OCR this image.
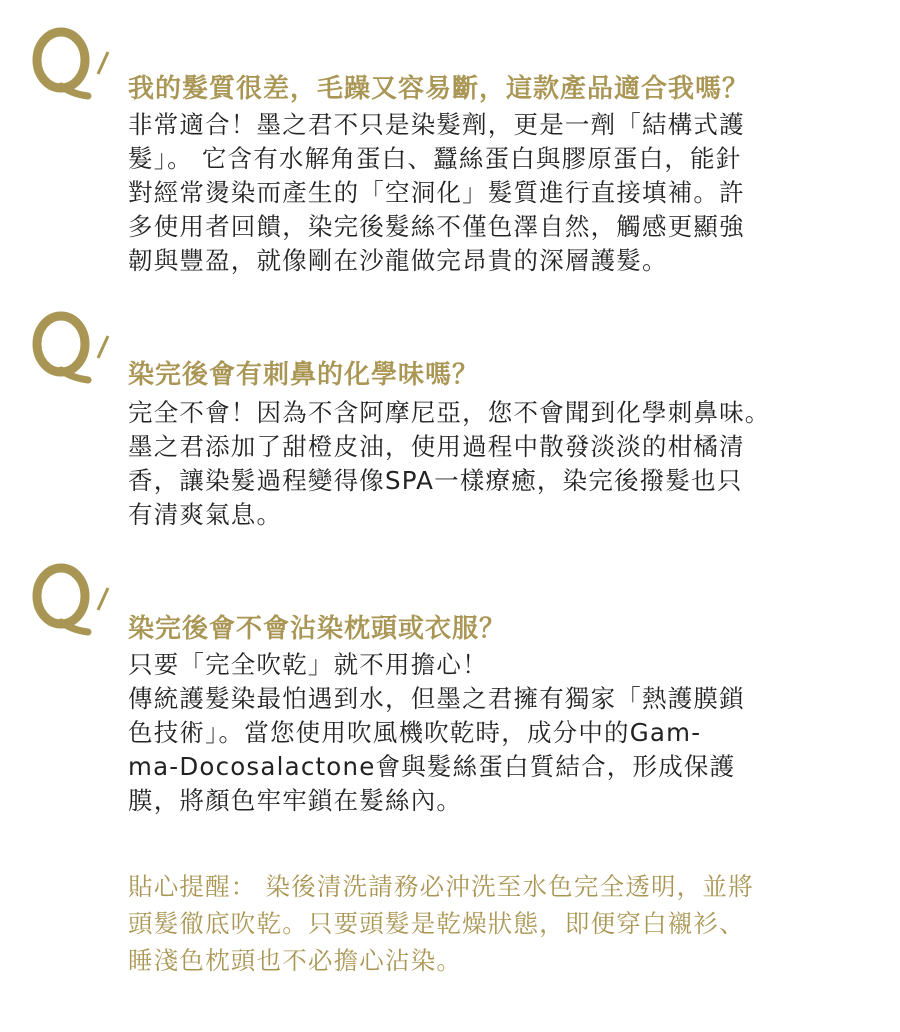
我的髮質很差，毛躁又容易斷，這款產品適合我嗎？
非常適合！墨之君不只是染髮劑，更是一劑「結構式護
髮」。 它含有水解角蛋白、蠶絲蛋白與膠原蛋白，能針
對經常燙染而產生的「空洞化」髮質進行直接填補。許
多使用者回饋，染完後髮絲不僅色澤自然，觸感更顯強
韌與豐盈，就像剛在沙龍做完昂貴的深層護髮。
染完後會有刺鼻的化學味嗎？
完全不會！因為不含阿摩尼亞，您不會聞到化學刺鼻味。
墨之君添加了甜橙皮油，使用過程中散發淡淡的柑橘清
香，讓染髮過程變得像SPA一樣療癒，染完後撥髮也只
有清爽氣息。
染完後會不會沾染枕頭或衣服？
只要「完全吹乾」就不用擔心！
傳統護髮染最怕遇到水，但墨之君擁有獨家「熱護膜鎖
色技術」。當您使用吹風機吹乾時，成分中的Gam-
ma-Docosalactone會與髮絲蛋白質結合，形成保護
膜，將顏色牢牢鎖在髮絲內。
貼心提醒： 染後清洗請務必沖洗至水色完全透明，並將
頭髮徹底吹乾。只要頭髮是乾燥狀態，即便穿白襯衫、
睡淺色枕頭也不必擔心沾染。
